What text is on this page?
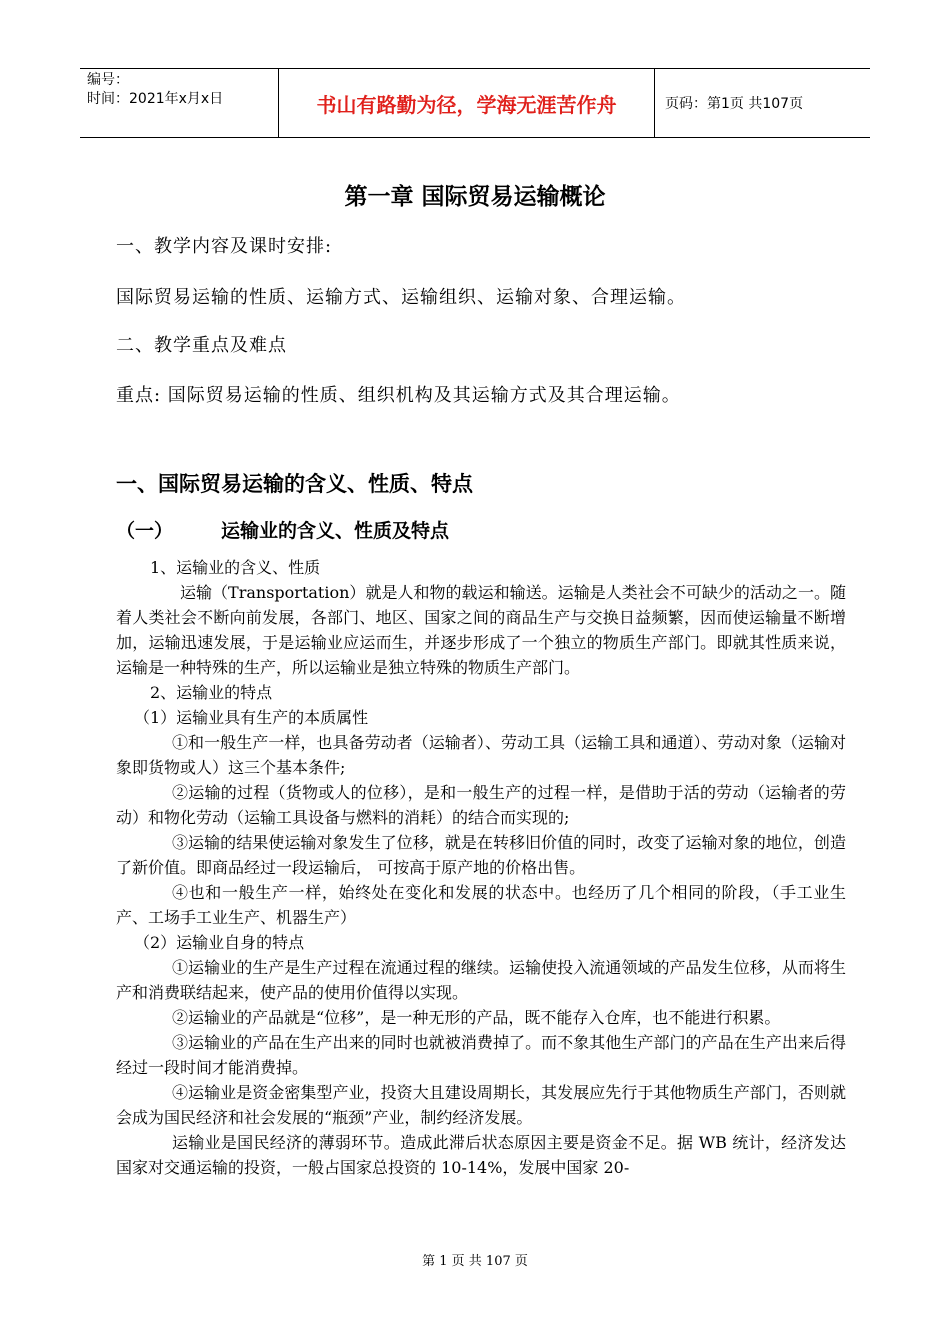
编号：
时间：2021年x月x日	书山有路勤为径，学海无涯苦作舟	页码：第1页 共107页
第一章 国际贸易运输概论
一、教学内容及课时安排:
国际贸易运输的性质、运输方式、运输组织、运输对象、合理运输。
二、教学重点及难点
重点: 国际贸易运输的性质、组织机构及其运输方式及其合理运输。
一、国际贸易运输的含义、性质、特点
（一）	运输业的含义、性质及特点

1、运输业的含义、性质

运输（Transportation）就是人和物的载运和输送。运输是人类社会不可缺少的活动之一。随着人类社会不断向前发展，各部门、地区、国家之间的商品生产与交换日益频繁，因而使运输量不断增加，运输迅速发展，于是运输业应运而生，并逐步形成了一个独立的物质生产部门。即就其性质来说，运输是一种特殊的生产，所以运输业是独立特殊的物质生产部门。

2、运输业的特点

（1）运输业具有生产的本质属性

①和一般生产一样，也具备劳动者（运输者）、劳动工具（运输工具和通道）、劳动对象（运输对象即货物或人）这三个基本条件;

②运输的过程（货物或人的位移），是和一般生产的过程一样，是借助于活的劳动（运输者的劳动）和物化劳动（运输工具设备与燃料的消耗）的结合而实现的;

③运输的结果使运输对象发生了位移，就是在转移旧价值的同时，改变了运输对象的地位，创造了新价值。即商品经过一段运输后， 可按高于原产地的价格出售。

④也和一般生产一样，始终处在变化和发展的状态中。也经历了几个相同的阶段，（手工业生产、工场手工业生产、机器生产）

（2）运输业自身的特点

①运输业的生产是生产过程在流通过程的继续。运输使投入流通领域的产品发生位移，从而将生产和消费联结起来，使产品的使用价值得以实现。

②运输业的产品就是“位移”，是一种无形的产品，既不能存入仓库，也不能进行积累。

③运输业的产品在生产出来的同时也就被消费掉了。而不象其他生产部门的产品在生产出来后得经过一段时间才能消费掉。

④运输业是资金密集型产业，投资大且建设周期长，其发展应先行于其他物质生产部门，否则就会成为国民经济和社会发展的“瓶颈”产业，制约经济发展。

运输业是国民经济的薄弱环节。造成此滞后状态原因主要是资金不足。据 WB 统计，经济发达国家对交通运输的投资，一般占国家总投资的 10-14%，发展中国家 20-

第 1 页 共 107 页
